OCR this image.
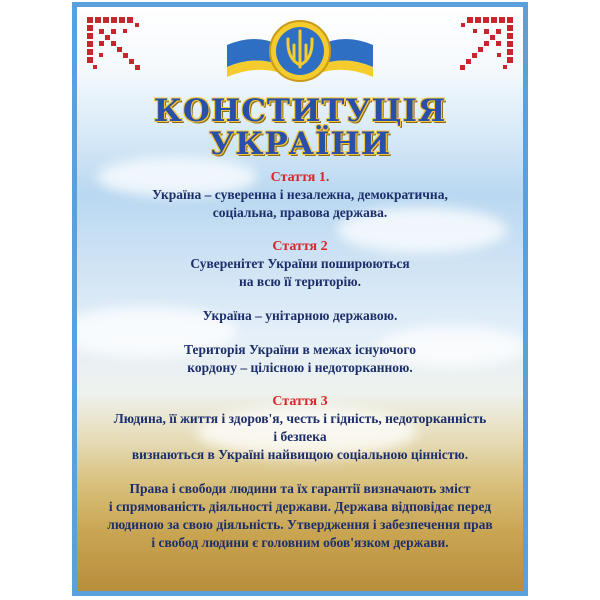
КОНСТИТУЦІЯ
УКРАЇНИ
Стаття 1.
Україна – суверенна і незалежна, демократична,
соціальна, правова держава.
Стаття 2
Суверенітет України поширюються
на всю її територію.
Україна – унітарною державою.
Територія України в межах існуючого
кордону – цілісною і недоторканною.
Стаття 3
Людина, її життя і здоров'я, честь і гідність, недоторканність
і безпека
визнаються в Україні найвищою соціальною цінністю.
Права і свободи людини та їх гарантії визначають зміст
і спрямованість діяльності держави. Держава відповідає перед
людиною за свою діяльність. Утвердження і забезпечення прав
і свобод людини є головним обов'язком держави.
